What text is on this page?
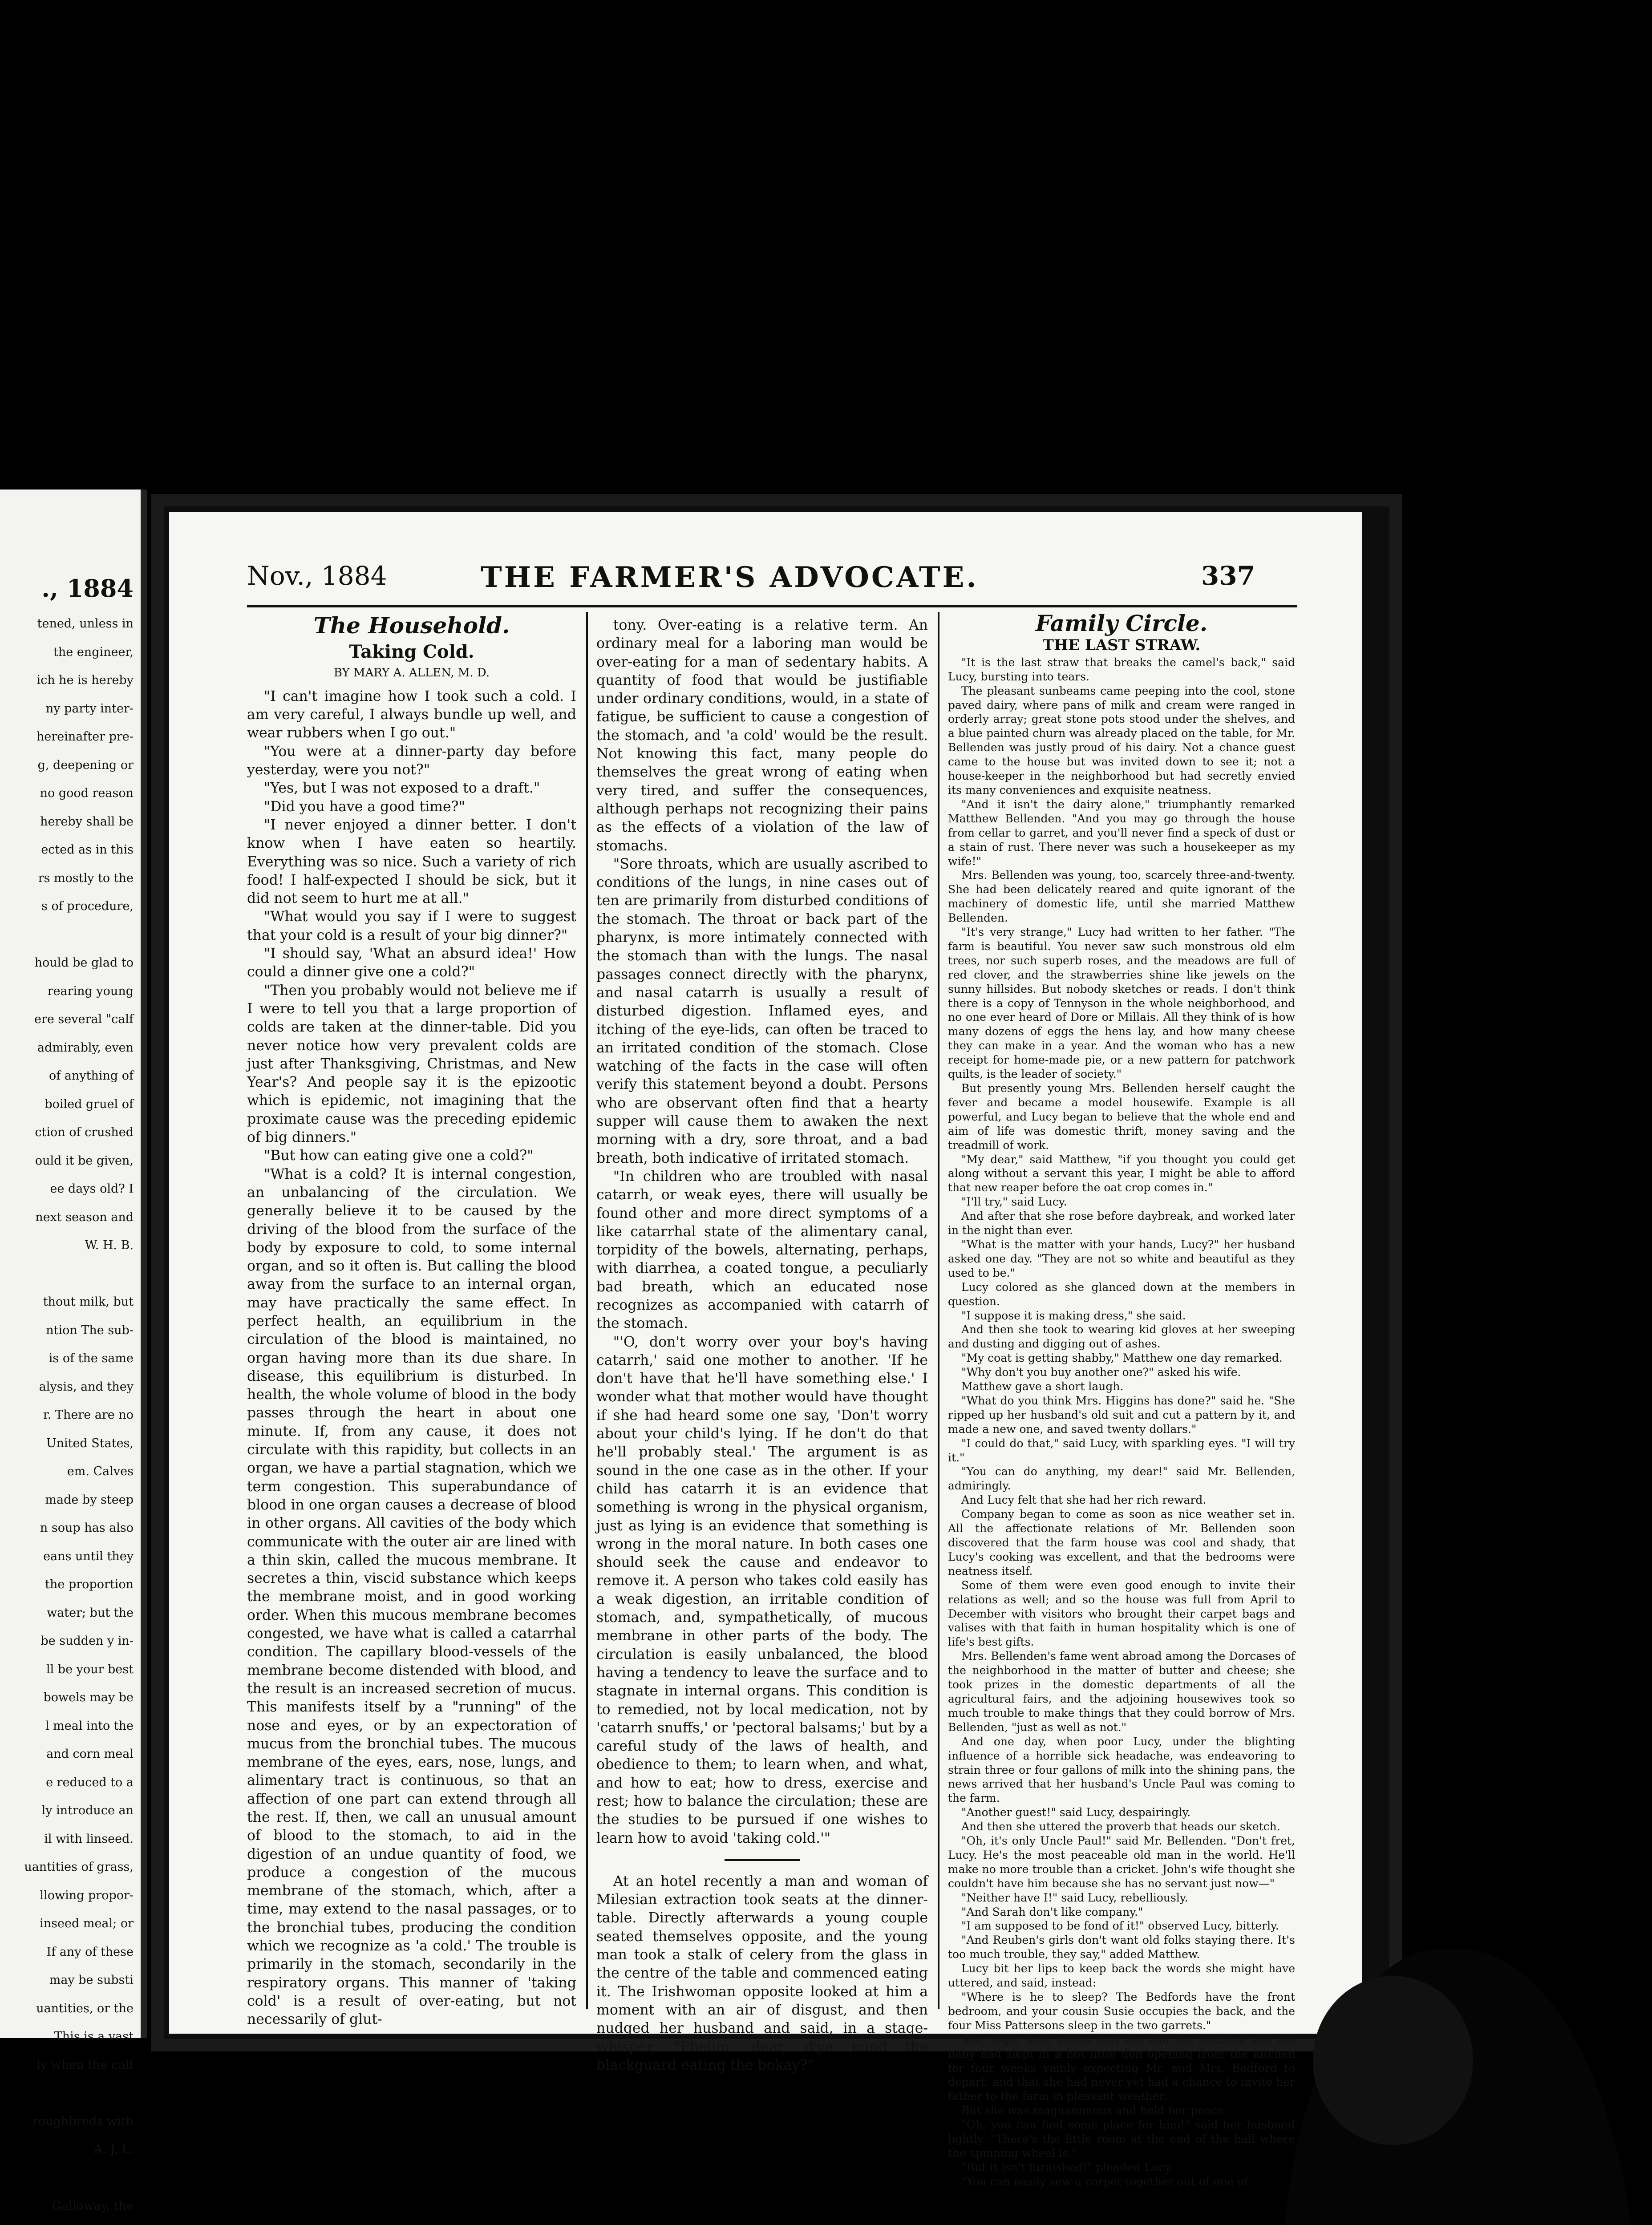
., 1884

tened, unless in

the engineer,

ich he is hereby

ny party inter-

hereinafter pre-

g, deepening or

no good reason

hereby shall be

ected as in this

rs mostly to the

s of procedure,

hould be glad to

rearing young

ere several "calf

admirably, even

of anything of

boiled gruel of

ction of crushed

ould it be given,

ee days old? I

next season and

W. H. B.

thout milk, but

ntion The sub-

is of the same

alysis, and they

r. There are no

United States,

em. Calves

made by steep

n soup has also

eans until they

the proportion

water; but the

be sudden y in-

ll be your best

bowels may be

l meal into the

and corn meal

e reduced to a

ly introduce an

il with linseed.

uantities of grass,

llowing propor-

inseed meal; or

If any of these

may be substi

uantities, or the

This is a vast

ly when the calf

roughbreds with

A. J. L.

Galloway, the

Nov., 1884	THE FARMER'S ADVOCATE.	337
The Household.
Taking Cold.
BY MARY A. ALLEN, M. D.

"I can't imagine how I took such a cold. I am very careful, I always bundle up well, and wear rubbers when I go out."

"You were at a dinner-party day before yesterday, were you not?"

"Yes, but I was not exposed to a draft."

"Did you have a good time?"

"I never enjoyed a dinner better. I don't know when I have eaten so heartily. Everything was so nice. Such a variety of rich food! I half-expected I should be sick, but it did not seem to hurt me at all."

"What would you say if I were to suggest that your cold is a result of your big dinner?"

"I should say, 'What an absurd idea!' How could a dinner give one a cold?"

"Then you probably would not believe me if I were to tell you that a large proportion of colds are taken at the dinner-table. Did you never notice how very prevalent colds are just after Thanksgiving, Christmas, and New Year's? And people say it is the epizootic which is epidemic, not imagining that the proximate cause was the preceding epidemic of big dinners."

"But how can eating give one a cold?"

"What is a cold? It is internal congestion, an unbalancing of the circulation. We generally believe it to be caused by the driving of the blood from the surface of the body by exposure to cold, to some internal organ, and so it often is. But calling the blood away from the surface to an internal organ, may have practically the same effect. In perfect health, an equilibrium in the circulation of the blood is maintained, no organ having more than its due share. In disease, this equilibrium is disturbed. In health, the whole volume of blood in the body passes through the heart in about one minute. If, from any cause, it does not circulate with this rapidity, but collects in an organ, we have a partial stagnation, which we term congestion. This superabundance of blood in one organ causes a decrease of blood in other organs. All cavities of the body which communicate with the outer air are lined with a thin skin, called the mucous membrane. It secretes a thin, viscid substance which keeps the membrane moist, and in good working order. When this mucous membrane becomes congested, we have what is called a catarrhal condition. The capillary blood-vessels of the membrane become distended with blood, and the result is an increased secretion of mucus. This manifests itself by a "running" of the nose and eyes, or by an expectoration of mucus from the bronchial tubes. The mucous membrane of the eyes, ears, nose, lungs, and alimentary tract is continuous, so that an affection of one part can extend through all the rest. If, then, we call an unusual amount of blood to the stomach, to aid in the digestion of an undue quantity of food, we produce a congestion of the mucous membrane of the stomach, which, after a time, may extend to the nasal passages, or to the bronchial tubes, producing the condition which we recognize as 'a cold.' The trouble is primarily in the stomach, secondarily in the respiratory organs. This manner of 'taking cold' is a result of over-eating, but not necessarily of glut-

tony. Over-eating is a relative term. An ordinary meal for a laboring man would be over-eating for a man of sedentary habits. A quantity of food that would be justifiable under ordinary conditions, would, in a state of fatigue, be sufficient to cause a congestion of the stomach, and 'a cold' would be the result. Not knowing this fact, many people do themselves the great wrong of eating when very tired, and suffer the consequences, although perhaps not recognizing their pains as the effects of a violation of the law of stomachs.

"Sore throats, which are usually ascribed to conditions of the lungs, in nine cases out of ten are primarily from disturbed conditions of the stomach. The throat or back part of the pharynx, is more intimately connected with the stomach than with the lungs. The nasal passages connect directly with the pharynx, and nasal catarrh is usually a result of disturbed digestion. Inflamed eyes, and itching of the eye-lids, can often be traced to an irritated condition of the stomach. Close watching of the facts in the case will often verify this statement beyond a doubt. Persons who are observant often find that a hearty supper will cause them to awaken the next morning with a dry, sore throat, and a bad breath, both indicative of irritated stomach.

"In children who are troubled with nasal catarrh, or weak eyes, there will usually be found other and more direct symptoms of a like catarrhal state of the alimentary canal, torpidity of the bowels, alternating, perhaps, with diarrhea, a coated tongue, a peculiarly bad breath, which an educated nose recognizes as accompanied with catarrh of the stomach.

"'O, don't worry over your boy's having catarrh,' said one mother to another. 'If he don't have that he'll have something else.' I wonder what that mother would have thought if she had heard some one say, 'Don't worry about your child's lying. If he don't do that he'll probably steal.' The argument is as sound in the one case as in the other. If your child has catarrh it is an evidence that something is wrong in the physical organism, just as lying is an evidence that something is wrong in the moral nature. In both cases one should seek the cause and endeavor to remove it. A person who takes cold easily has a weak digestion, an irritable condition of stomach, and, sympathetically, of mucous membrane in other parts of the body. The circulation is easily unbalanced, the blood having a tendency to leave the surface and to stagnate in internal organs. This condition is to remedied, not by local medication, not by 'catarrh snuffs,' or 'pectoral balsams;' but by a careful study of the laws of health, and obedience to them; to learn when, and what, and how to eat; how to dress, exercise and rest; how to balance the circulation; these are the studies to be pursued if one wishes to learn how to avoid 'taking cold.'"

At an hotel recently a man and woman of Milesian extraction took seats at the dinner-table. Directly afterwards a young couple seated themselves opposite, and the young man took a stalk of celery from the glass in the centre of the table and commenced eating it. The Irishwoman opposite looked at him a moment with an air of disgust, and then nudged her husband and said, in a stage-whisper, "Phelim, dear, d'ye mind the blackguard eating the bokay?"

Family Circle.
THE LAST STRAW.

"It is the last straw that breaks the camel's back," said Lucy, bursting into tears.

The pleasant sunbeams came peeping into the cool, stone paved dairy, where pans of milk and cream were ranged in orderly array; great stone pots stood under the shelves, and a blue painted churn was already placed on the table, for Mr. Bellenden was justly proud of his dairy. Not a chance guest came to the house but was invited down to see it; not a house-keeper in the neighborhood but had secretly envied its many conveniences and exquisite neatness.

"And it isn't the dairy alone," triumphantly remarked Matthew Bellenden. "And you may go through the house from cellar to garret, and you'll never find a speck of dust or a stain of rust. There never was such a housekeeper as my wife!"

Mrs. Bellenden was young, too, scarcely three-and-twenty. She had been delicately reared and quite ignorant of the machinery of domestic life, until she married Matthew Bellenden.

"It's very strange," Lucy had written to her father. "The farm is beautiful. You never saw such monstrous old elm trees, nor such superb roses, and the meadows are full of red clover, and the strawberries shine like jewels on the sunny hillsides. But nobody sketches or reads. I don't think there is a copy of Tennyson in the whole neighborhood, and no one ever heard of Dore or Millais. All they think of is how many dozens of eggs the hens lay, and how many cheese they can make in a year. And the woman who has a new receipt for home-made pie, or a new pattern for patchwork quilts, is the leader of society."

But presently young Mrs. Bellenden herself caught the fever and became a model housewife. Example is all powerful, and Lucy began to believe that the whole end and aim of life was domestic thrift, money saving and the treadmill of work.

"My dear," said Matthew, "if you thought you could get along without a servant this year, I might be able to afford that new reaper before the oat crop comes in."

"I'll try," said Lucy.

And after that she rose before daybreak, and worked later in the night than ever.

"What is the matter with your hands, Lucy?" her husband asked one day. "They are not so white and beautiful as they used to be."

Lucy colored as she glanced down at the members in question.

"I suppose it is making dress," she said.

And then she took to wearing kid gloves at her sweeping and dusting and digging out of ashes.

"My coat is getting shabby," Matthew one day remarked.

"Why don't you buy another one?" asked his wife.

Matthew gave a short laugh.

"What do you think Mrs. Higgins has done?" said he. "She ripped up her husband's old suit and cut a pattern by it, and made a new one, and saved twenty dollars."

"I could do that," said Lucy, with sparkling eyes. "I will try it."

"You can do anything, my dear!" said Mr. Bellenden, admiringly.

And Lucy felt that she had her rich reward.

Company began to come as soon as nice weather set in. All the affectionate relations of Mr. Bellenden soon discovered that the farm house was cool and shady, that Lucy's cooking was excellent, and that the bedrooms were neatness itself.

Some of them were even good enough to invite their relations as well; and so the house was full from April to December with visitors who brought their carpet bags and valises with that faith in human hospitality which is one of life's best gifts.

Mrs. Bellenden's fame went abroad among the Dorcases of the neighborhood in the matter of butter and cheese; she took prizes in the domestic departments of all the agricultural fairs, and the adjoining housewives took so much trouble to make things that they could borrow of Mrs. Bellenden, "just as well as not."

And one day, when poor Lucy, under the blighting influence of a horrible sick headache, was endeavoring to strain three or four gallons of milk into the shining pans, the news arrived that her husband's Uncle Paul was coming to the farm.

"Another guest!" said Lucy, despairingly.

And then she uttered the proverb that heads our sketch.

"Oh, it's only Uncle Paul!" said Mr. Bellenden. "Don't fret, Lucy. He's the most peaceable old man in the world. He'll make no more trouble than a cricket. John's wife thought she couldn't have him because she has no servant just now—"

"Neither have I!" said Lucy, rebelliously.

"And Sarah don't like company."

"I am supposed to be fond of it!" observed Lucy, bitterly.

"And Reuben's girls don't want old folks staying there. It's too much trouble, they say," added Matthew.

Lucy bit her lips to keep back the words she might have uttered, and said, instead:

"Where is he to sleep? The Bedfords have the front bedroom, and your cousin Susie occupies the back, and the four Miss Pattersons sleep in the two garrets."

She might have added that she and her husband and the baby had slept in a hot little den opening from the kitchen for four weeks vainly expecting Mr. and Mrs. Bedford to depart, and that she had never yet had a chance to invite her father to the farm in pleasant weather.

But she was magnanimous and held her peace.

"Oh, you can find some place for him!" said her husband lightly. "There's the little room at the end of the hall where the spinning wheel is."

"But it isn't furnished!" pleaded Lucy.

"You can easily sew a carpet together out of one of
